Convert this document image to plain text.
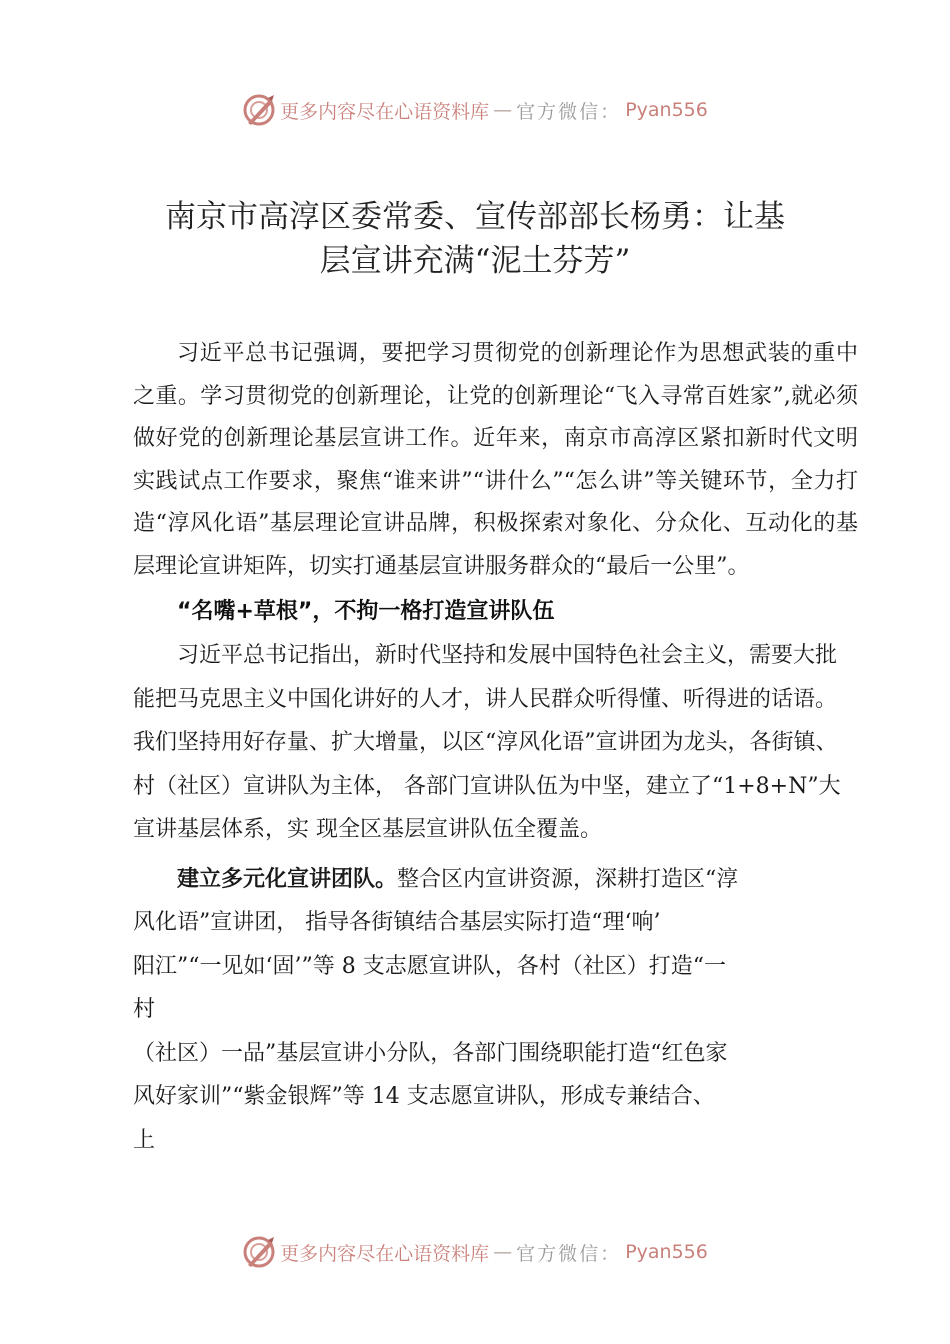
更多内容尽在心语资料库 — 官方微信： Pyan556
南京市高淳区委常委、宣传部部长杨勇：让基
层宣讲充满“泥土芬芳”

习近平总书记强调，要把学习贯彻党的创新理论作为思想武装的重中之重。学习贯彻党的创新理论，让党的创新理论“飞入寻常百姓家”,就必须做好党的创新理论基层宣讲工作。近年来，南京市高淳区紧扣新时代文明实践试点工作要求，聚焦“谁来讲”“讲什么”“怎么讲”等关键环节，全力打造“淳风化语”基层理论宣讲品牌，积极探索对象化、分众化、互动化的基层理论宣讲矩阵，切实打通基层宣讲服务群众的“最后一公里”。

“名嘴+草根”，不拘一格打造宣讲队伍

习近平总书记指出，新时代坚持和发展中国特色社会主义，需要大批能把马克思主义中国化讲好的人才，讲人民群众听得懂、听得进的话语。我们坚持用好存量、扩大增量，以区“淳风化语”宣讲团为龙头，各街镇、村（社区）宣讲队为主体， 各部门宣讲队伍为中坚，建立了“1+8+N”大宣讲基层体系，实 现全区基层宣讲队伍全覆盖。

建立多元化宣讲团队。整合区内宣讲资源，深耕打造区“淳
风化语”宣讲团， 指导各街镇结合基层实际打造“理‘响’
阳江”“一见如‘固’”等 8 支志愿宣讲队，各村（社区）打造“一
村
（社区）一品”基层宣讲小分队，各部门围绕职能打造“红色家
风好家训”“紫金银辉”等 14 支志愿宣讲队，形成专兼结合、
上

更多内容尽在心语资料库 — 官方微信： Pyan556
